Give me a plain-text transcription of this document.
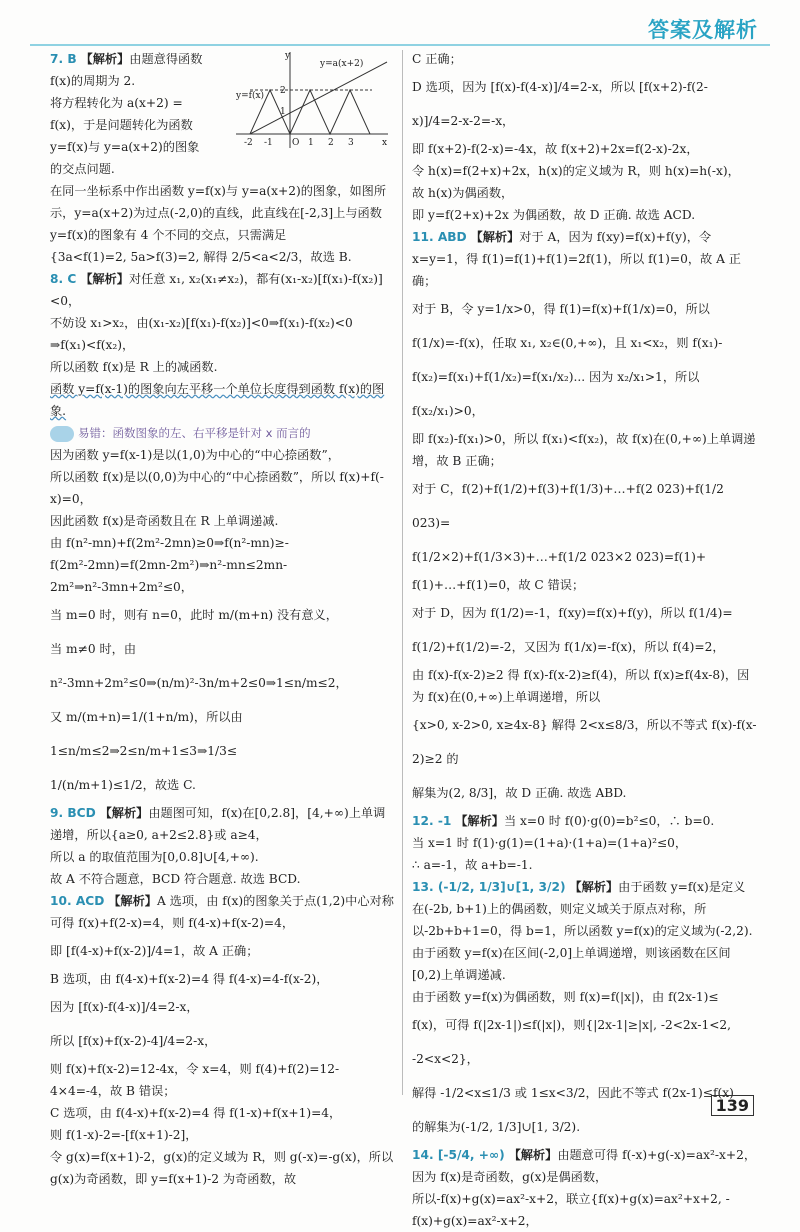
答案及解析
y=a(x+2)
y=f(x)
y
x
O
2
1
-2 -1	1 2 3
7. B 【解析】由题意得函数
f(x)的周期为 2.
将方程转化为 a(x+2) =
f(x)，于是问题转化为函数
y=f(x)与 y=a(x+2)的图象
的交点问题.
在同一坐标系中作出函数 y=f(x)与 y=a(x+2)的图象，如图所示，y=a(x+2)为过点(-2,0)的直线，此直线在[-2,3]上与函数 y=f(x)的图象有 4 个不同的交点，只需满足
{3a<f(1)=2, 5a>f(3)=2, 解得 2/5<a<2/3，故选 B.
8. C 【解析】对任意 x₁, x₂(x₁≠x₂)，都有(x₁-x₂)[f(x₁)-f(x₂)]<0，
不妨设 x₁>x₂，由(x₁-x₂)[f(x₁)-f(x₂)]<0⇒f(x₁)-f(x₂)<0
⇒f(x₁)<f(x₂)，
所以函数 f(x)是 R 上的减函数.
函数 y=f(x-1)的图象向左平移一个单位长度得到函数 f(x)的图象.
易错：函数图象的左、右平移是针对 x 而言的
因为函数 y=f(x-1)是以(1,0)为中心的“中心捺函数”，
所以函数 f(x)是以(0,0)为中心的“中心捺函数”，所以 f(x)+f(-x)=0，
因此函数 f(x)是奇函数且在 R 上单调递减.
由 f(n²-mn)+f(2m²-2mn)≥0⇒f(n²-mn)≥-f(2m²-2mn)=f(2mn-2m²)⇒n²-mn≤2mn-2m²⇒n²-3mn+2m²≤0，
当 m=0 时，则有 n=0，此时 m/(m+n) 没有意义，
当 m≠0 时，由 n²-3mn+2m²≤0⇒(n/m)²-3n/m+2≤0⇒1≤n/m≤2，
又 m/(m+n)=1/(1+n/m)，所以由 1≤n/m≤2⇒2≤n/m+1≤3⇒1/3≤
1/(n/m+1)≤1/2，故选 C.
9. BCD 【解析】由题图可知，f(x)在[0,2.8]，[4,+∞)上单调递增，所以{a≥0, a+2≤2.8}或 a≥4，
所以 a 的取值范围为[0,0.8]∪[4,+∞).
故 A 不符合题意，BCD 符合题意. 故选 BCD.
10. ACD 【解析】A 选项，由 f(x)的图象关于点(1,2)中心对称可得 f(x)+f(2-x)=4，则 f(4-x)+f(x-2)=4，
即 [f(4-x)+f(x-2)]/4=1，故 A 正确；
B 选项，由 f(4-x)+f(x-2)=4 得 f(4-x)=4-f(x-2)，
因为 [f(x)-f(4-x)]/4=2-x，
所以 [f(x)+f(x-2)-4]/4=2-x，
则 f(x)+f(x-2)=12-4x，令 x=4，则 f(4)+f(2)=12-4×4=-4，故 B 错误；
C 选项，由 f(4-x)+f(x-2)=4 得 f(1-x)+f(x+1)=4，
则 f(1-x)-2=-[f(x+1)-2]，
令 g(x)=f(x+1)-2，g(x)的定义域为 R，则 g(-x)=-g(x)，所以 g(x)为奇函数，即 y=f(x+1)-2 为奇函数，故
C 正确；
D 选项，因为 [f(x)-f(4-x)]/4=2-x，所以 [f(x+2)-f(2-x)]/4=2-x-2=-x，
即 f(x+2)-f(2-x)=-4x，故 f(x+2)+2x=f(2-x)-2x，
令 h(x)=f(2+x)+2x，h(x)的定义域为 R，则 h(x)=h(-x)，
故 h(x)为偶函数，
即 y=f(2+x)+2x 为偶函数，故 D 正确. 故选 ACD.
11. ABD 【解析】对于 A，因为 f(xy)=f(x)+f(y)，令 x=y=1，得 f(1)=f(1)+f(1)=2f(1)，所以 f(1)=0，故 A 正确；
对于 B，令 y=1/x>0，得 f(1)=f(x)+f(1/x)=0，所以
f(1/x)=-f(x)，任取 x₁, x₂∈(0,+∞)，且 x₁<x₂，则 f(x₁)-
f(x₂)=f(x₁)+f(1/x₂)=f(x₁/x₂)... 因为 x₂/x₁>1，所以 f(x₂/x₁)>0，
即 f(x₂)-f(x₁)>0，所以 f(x₁)<f(x₂)，故 f(x)在(0,+∞)上单调递增，故 B 正确；
对于 C，f(2)+f(1/2)+f(3)+f(1/3)+…+f(2 023)+f(1/2 023)=
f(1/2×2)+f(1/3×3)+…+f(1/2 023×2 023)=f(1)+
f(1)+…+f(1)=0，故 C 错误；
对于 D，因为 f(1/2)=-1，f(xy)=f(x)+f(y)，所以 f(1/4)=
f(1/2)+f(1/2)=-2，又因为 f(1/x)=-f(x)，所以 f(4)=2，
由 f(x)-f(x-2)≥2 得 f(x)-f(x-2)≥f(4)，所以 f(x)≥f(4x-8)，因为 f(x)在(0,+∞)上单调递增，所以
{x>0, x-2>0, x≥4x-8} 解得 2<x≤8/3，所以不等式 f(x)-f(x-2)≥2 的
解集为(2, 8/3]，故 D 正确. 故选 ABD.
12. -1 【解析】当 x=0 时 f(0)·g(0)=b²≤0，∴ b=0.
当 x=1 时 f(1)·g(1)=(1+a)·(1+a)=(1+a)²≤0，
∴ a=-1，故 a+b=-1.
13. (-1/2, 1/3]∪[1, 3/2) 【解析】由于函数 y=f(x)是定义在(-2b, b+1)上的偶函数，则定义域关于原点对称，所以-2b+b+1=0，得 b=1，所以函数 y=f(x)的定义域为(-2,2).
由于函数 y=f(x)在区间(-2,0]上单调递增，则该函数在区间[0,2)上单调递减.
由于函数 y=f(x)为偶函数，则 f(x)=f(|x|)，由 f(2x-1)≤
f(x)，可得 f(|2x-1|)≤f(|x|)，则{|2x-1|≥|x|, -2<2x-1<2, -2<x<2}，
解得 -1/2<x≤1/3 或 1≤x<3/2，因此不等式 f(2x-1)≤f(x)
的解集为(-1/2, 1/3]∪[1, 3/2).
14. [-5/4, +∞) 【解析】由题意可得 f(-x)+g(-x)=ax²-x+2，
因为 f(x)是奇函数，g(x)是偶函数，
所以-f(x)+g(x)=ax²-x+2，联立{f(x)+g(x)=ax²+x+2, -f(x)+g(x)=ax²-x+2，
139
